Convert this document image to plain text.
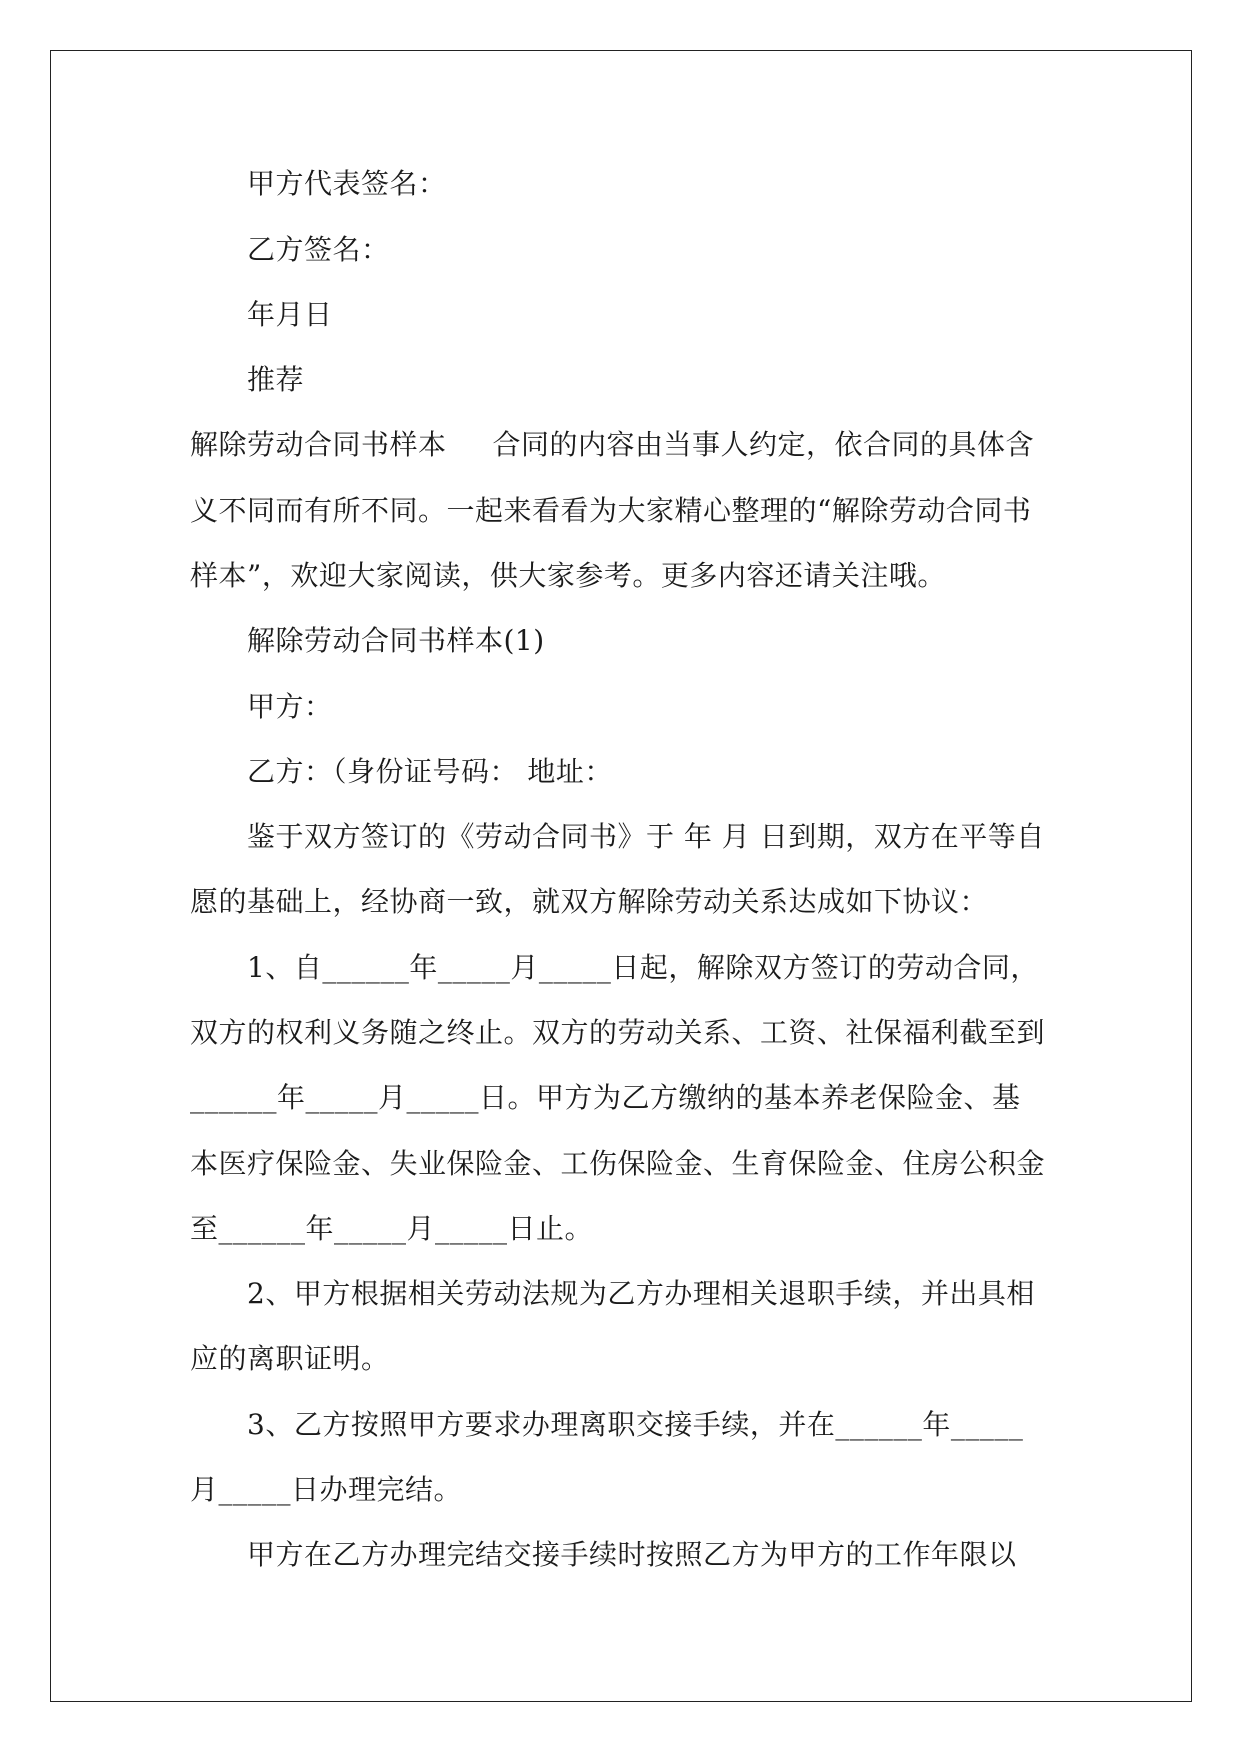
甲方代表签名：
乙方签名：
年月日
推荐
解除劳动合同书样本 合同的内容由当事人约定，依合同的具体含
义不同而有所不同。一起来看看为大家精心整理的“解除劳动合同书
样本”，欢迎大家阅读，供大家参考。更多内容还请关注哦。
解除劳动合同书样本(1)
甲方：
乙方：（身份证号码： 地址：
鉴于双方签订的《劳动合同书》于 年 月 日到期，双方在平等自
愿的基础上，经协商一致，就双方解除劳动关系达成如下协议：
1、自______年_____月_____日起，解除双方签订的劳动合同，
双方的权利义务随之终止。双方的劳动关系、工资、社保福利截至到
______年_____月_____日。甲方为乙方缴纳的基本养老保险金、基
本医疗保险金、失业保险金、工伤保险金、生育保险金、住房公积金
至______年_____月_____日止。
2、甲方根据相关劳动法规为乙方办理相关退职手续，并出具相
应的离职证明。
3、乙方按照甲方要求办理离职交接手续，并在______年_____
月_____日办理完结。
甲方在乙方办理完结交接手续时按照乙方为甲方的工作年限以
